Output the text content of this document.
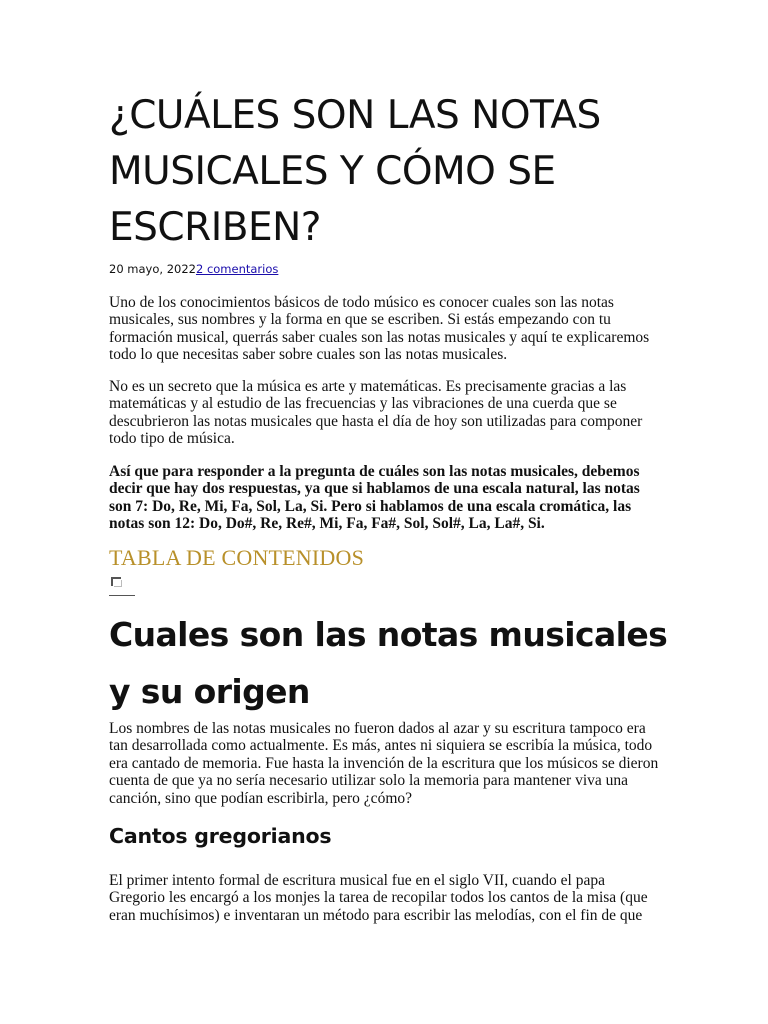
¿CUÁLES SON LAS NOTAS MUSICALES Y CÓMO SE ESCRIBEN?
20 mayo, 20222 comentarios

Uno de los conocimientos básicos de todo músico es conocer cuales son las notas musicales, sus nombres y la forma en que se escriben. Si estás empezando con tu formación musical, querrás saber cuales son las notas musicales y aquí te explicaremos todo lo que necesitas saber sobre cuales son las notas musicales.

No es un secreto que la música es arte y matemáticas. Es precisamente gracias a las matemáticas y al estudio de las frecuencias y las vibraciones de una cuerda que se descubrieron las notas musicales que hasta el día de hoy son utilizadas para componer todo tipo de música.

Así que para responder a la pregunta de cuáles son las notas musicales, debemos decir que hay dos respuestas, ya que si hablamos de una escala natural, las notas son 7: Do, Re, Mi, Fa, Sol, La, Si. Pero si hablamos de una escala cromática, las notas son 12: Do, Do#, Re, Re#, Mi, Fa, Fa#, Sol, Sol#, La, La#, Si.

TABLA DE CONTENIDOS
Cuales son las notas musicales y su origen

Los nombres de las notas musicales no fueron dados al azar y su escritura tampoco era tan desarrollada como actualmente. Es más, antes ni siquiera se escribía la música, todo era cantado de memoria. Fue hasta la invención de la escritura que los músicos se dieron cuenta de que ya no sería necesario utilizar solo la memoria para mantener viva una canción, sino que podían escribirla, pero ¿cómo?

Cantos gregorianos

El primer intento formal de escritura musical fue en el siglo VII, cuando el papa Gregorio les encargó a los monjes la tarea de recopilar todos los cantos de la misa (que eran muchísimos) e inventaran un método para escribir las melodías, con el fin de que
